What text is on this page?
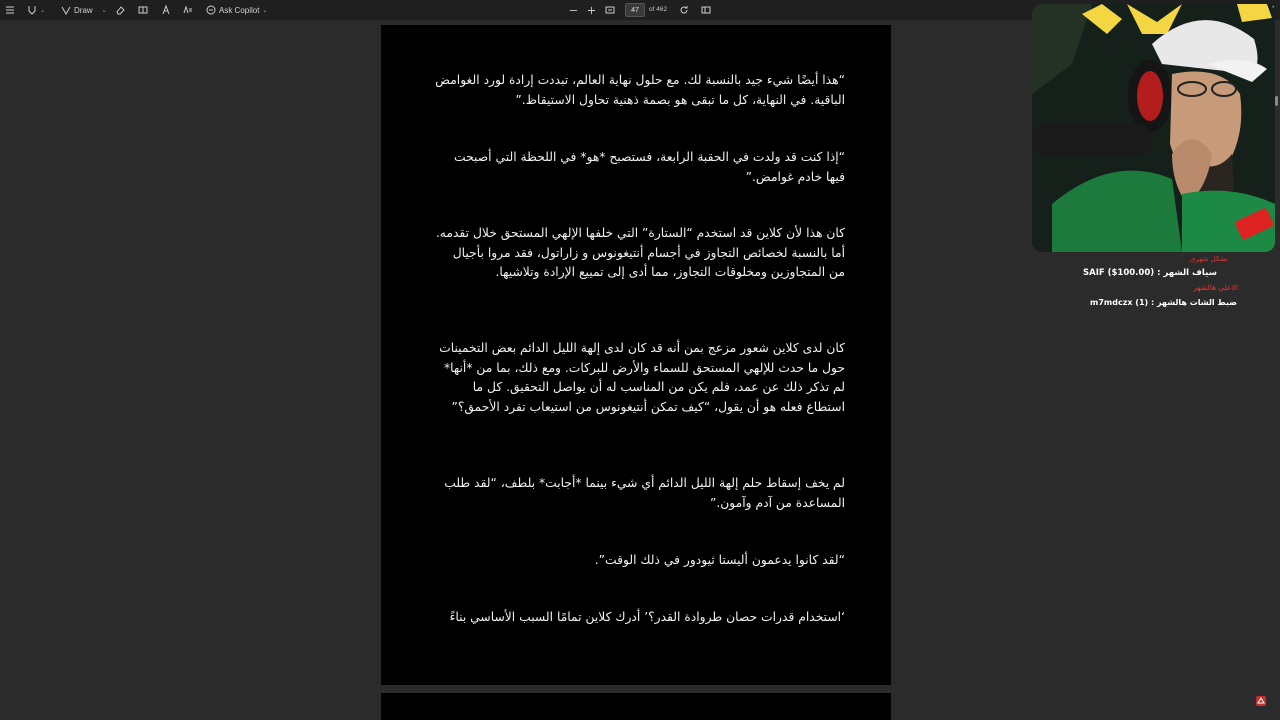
⌄	Draw ⌄	Ask Copilot ⌄
47	of 462

“هذا أيضًا شيء جيد بالنسبة لك. مع حلول نهاية العالم، تبددت إرادة لورد الغوامض الباقية. في النهاية، كل ما تبقى هو بصمة ذهنية تحاول الاستيقاظ.”

“إذا كنت قد ولدت في الحقبة الرابعة، فستصبح *هو* في اللحظة التي أصبحت فيها خادم غوامض.”

كان هذا لأن كلاين قد استخدم “الستارة” التي خلفها الإلهي المستحق خلال تقدمه. أما بالنسبة لخصائص التجاوز في أجسام أنتيغونوس و زاراتول، فقد مروا بأجيال من المتجاوزين ومخلوقات التجاوز، مما أدى إلى تمييع الإرادة وتلاشيها.

كان لدى كلاين شعور مزعج بمن أنه قد كان لدى إلهة الليل الدائم بعض التخمينات حول ما حدث للإلهي المستحق للسماء والأرض للبركات. ومع ذلك، بما من *أنها* لم تذكر ذلك عن عمد، فلم يكن من المناسب له أن يواصل التحقيق. كل ما استطاع فعله هو أن يقول، “كيف تمكن أنتيغونوس من استيعاب تفرد الأحمق؟”

لم يخف إسقاط حلم إلهة الليل الدائم أي شيء بينما *أجابت* بلطف، “لقد طلب المساعدة من آدم وآمون.”

“لقد كانوا يدعمون أليستا ثيودور في ذلك الوقت”.

‘استخدام قدرات حصان طروادة القدر؟’ أدرك كلاين تمامًا السبب الأساسي بناءً

بشكل شهري
سياف الشهر : SAIF ($100.00)
الاعلى هالشهر
ضبط الشات هالشهر : m7mdczx (1)
